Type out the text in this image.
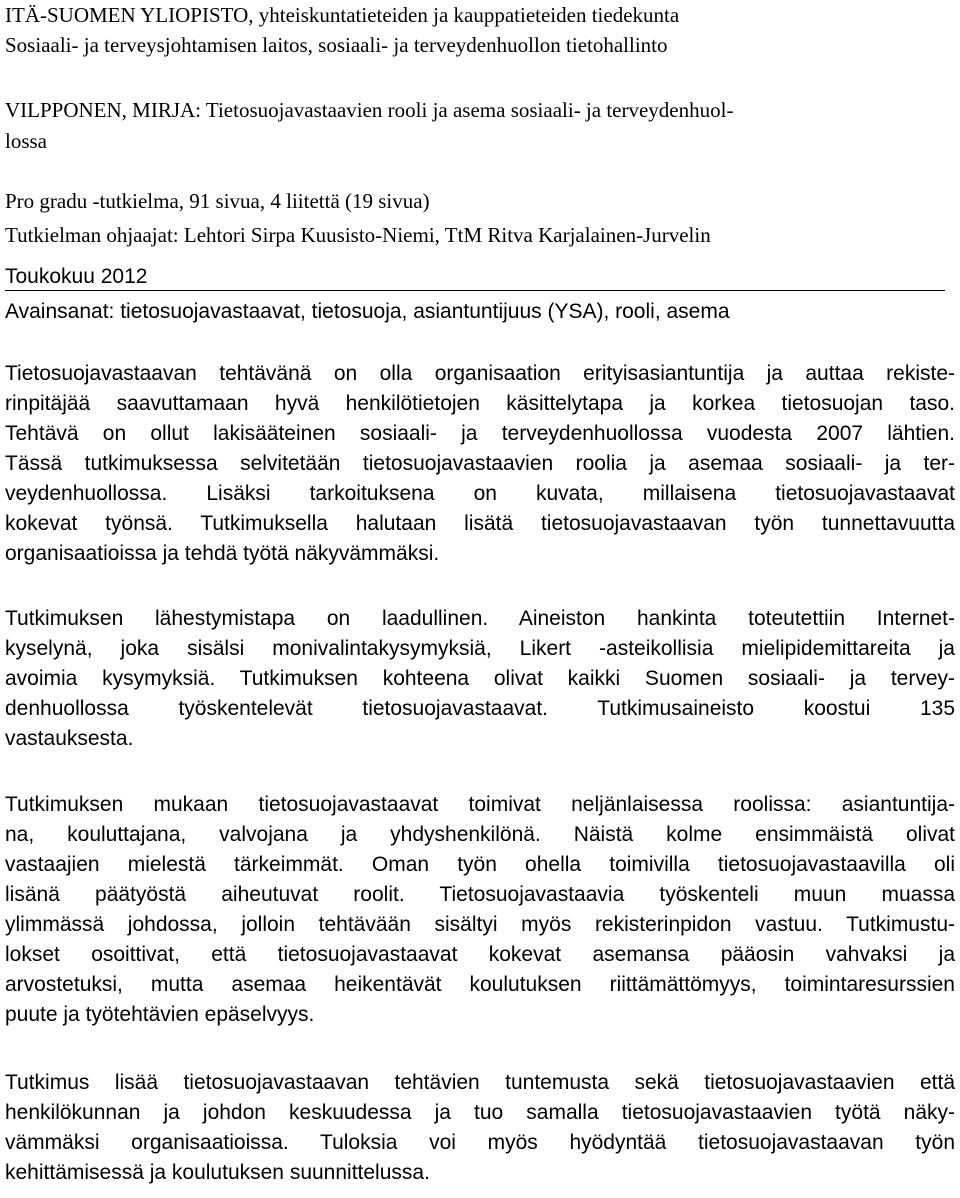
ITÄ-SUOMEN YLIOPISTO, yhteiskuntatieteiden ja kauppatieteiden tiedekunta
Sosiaali- ja terveysjohtamisen laitos, sosiaali- ja terveydenhuollon tietohallinto
VILPPONEN, MIRJA: Tietosuojavastaavien rooli ja asema sosiaali- ja terveydenhuol-
lossa
Pro gradu -tutkielma, 91 sivua, 4 liitettä (19 sivua)
Tutkielman ohjaajat: Lehtori Sirpa Kuusisto-Niemi, TtM Ritva Karjalainen-Jurvelin
Toukokuu 2012
Avainsanat: tietosuojavastaavat, tietosuoja, asiantuntijuus (YSA), rooli, asema
Tietosuojavastaavan tehtävänä on olla organisaation erityisasiantuntija ja auttaa rekiste-
rinpitäjää saavuttamaan hyvä henkilötietojen käsittelytapa ja korkea tietosuojan taso.
Tehtävä on ollut lakisääteinen sosiaali- ja terveydenhuollossa vuodesta 2007 lähtien.
Tässä tutkimuksessa selvitetään tietosuojavastaavien roolia ja asemaa sosiaali- ja ter-
veydenhuollossa. Lisäksi tarkoituksena on kuvata, millaisena tietosuojavastaavat
kokevat työnsä. Tutkimuksella halutaan lisätä tietosuojavastaavan työn tunnettavuutta
organisaatioissa ja tehdä työtä näkyvämmäksi.
Tutkimuksen lähestymistapa on laadullinen. Aineiston hankinta toteutettiin Internet-
kyselynä, joka sisälsi monivalintakysymyksiä, Likert -asteikollisia mielipidemittareita ja
avoimia kysymyksiä. Tutkimuksen kohteena olivat kaikki Suomen sosiaali- ja tervey-
denhuollossa työskentelevät tietosuojavastaavat. Tutkimusaineisto koostui 135
vastauksesta.
Tutkimuksen mukaan tietosuojavastaavat toimivat neljänlaisessa roolissa: asiantuntija-
na, kouluttajana, valvojana ja yhdyshenkilönä. Näistä kolme ensimmäistä olivat
vastaajien mielestä tärkeimmät. Oman työn ohella toimivilla tietosuojavastaavilla oli
lisänä päätyöstä aiheutuvat roolit. Tietosuojavastaavia työskenteli muun muassa
ylimmässä johdossa, jolloin tehtävään sisältyi myös rekisterinpidon vastuu. Tutkimustu-
lokset osoittivat, että tietosuojavastaavat kokevat asemansa pääosin vahvaksi ja
arvostetuksi, mutta asemaa heikentävät koulutuksen riittämättömyys, toimintaresurssien
puute ja työtehtävien epäselvyys.
Tutkimus lisää tietosuojavastaavan tehtävien tuntemusta sekä tietosuojavastaavien että
henkilökunnan ja johdon keskuudessa ja tuo samalla tietosuojavastaavien työtä näky-
vämmäksi organisaatioissa. Tuloksia voi myös hyödyntää tietosuojavastaavan työn
kehittämisessä ja koulutuksen suunnittelussa.
